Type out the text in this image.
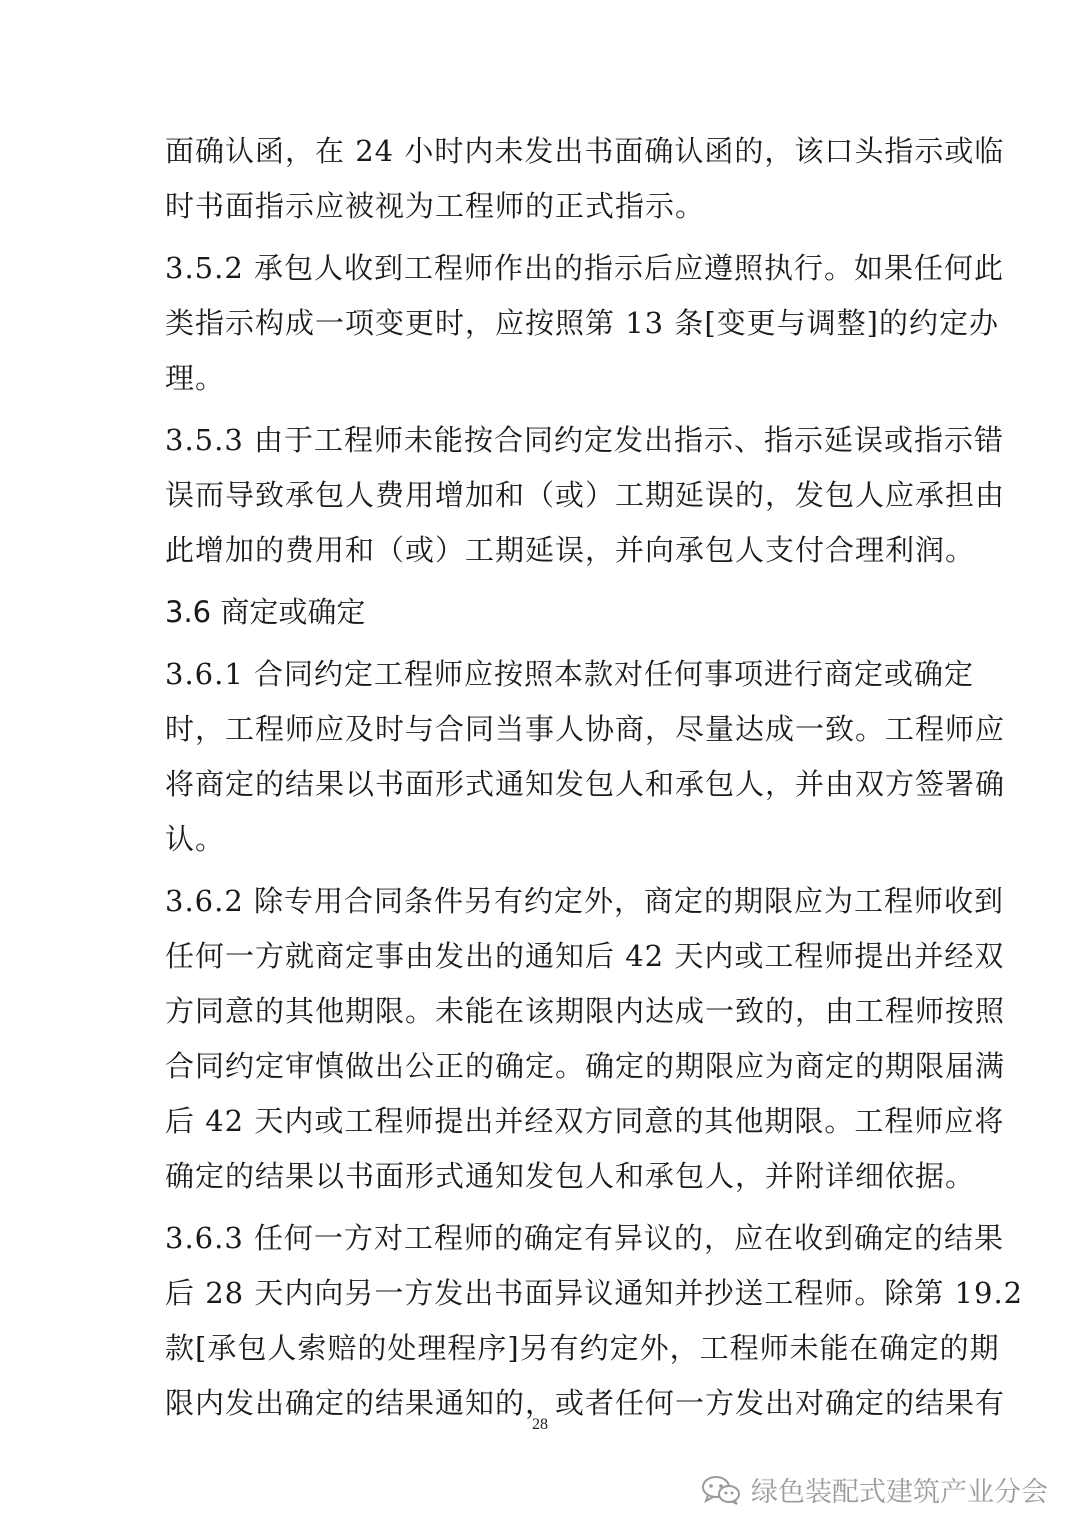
面确认函，在 24 小时内未发出书面确认函的，该口头指示或临
时书面指示应被视为工程师的正式指示。
3.5.2 承包人收到工程师作出的指示后应遵照执行。如果任何此
类指示构成一项变更时，应按照第 13 条[变更与调整]的约定办
理。
3.5.3 由于工程师未能按合同约定发出指示、指示延误或指示错
误而导致承包人费用增加和（或）工期延误的，发包人应承担由
此增加的费用和（或）工期延误，并向承包人支付合理利润。
3.6 商定或确定
3.6.1 合同约定工程师应按照本款对任何事项进行商定或确定
时，工程师应及时与合同当事人协商，尽量达成一致。工程师应
将商定的结果以书面形式通知发包人和承包人，并由双方签署确
认。
3.6.2 除专用合同条件另有约定外，商定的期限应为工程师收到
任何一方就商定事由发出的通知后 42 天内或工程师提出并经双
方同意的其他期限。未能在该期限内达成一致的，由工程师按照
合同约定审慎做出公正的确定。确定的期限应为商定的期限届满
后 42 天内或工程师提出并经双方同意的其他期限。工程师应将
确定的结果以书面形式通知发包人和承包人，并附详细依据。
3.6.3 任何一方对工程师的确定有异议的，应在收到确定的结果
后 28 天内向另一方发出书面异议通知并抄送工程师。除第 19.2
款[承包人索赔的处理程序]另有约定外，工程师未能在确定的期
限内发出确定的结果通知的，或者任何一方发出对确定的结果有
28
绿色装配式建筑产业分会
